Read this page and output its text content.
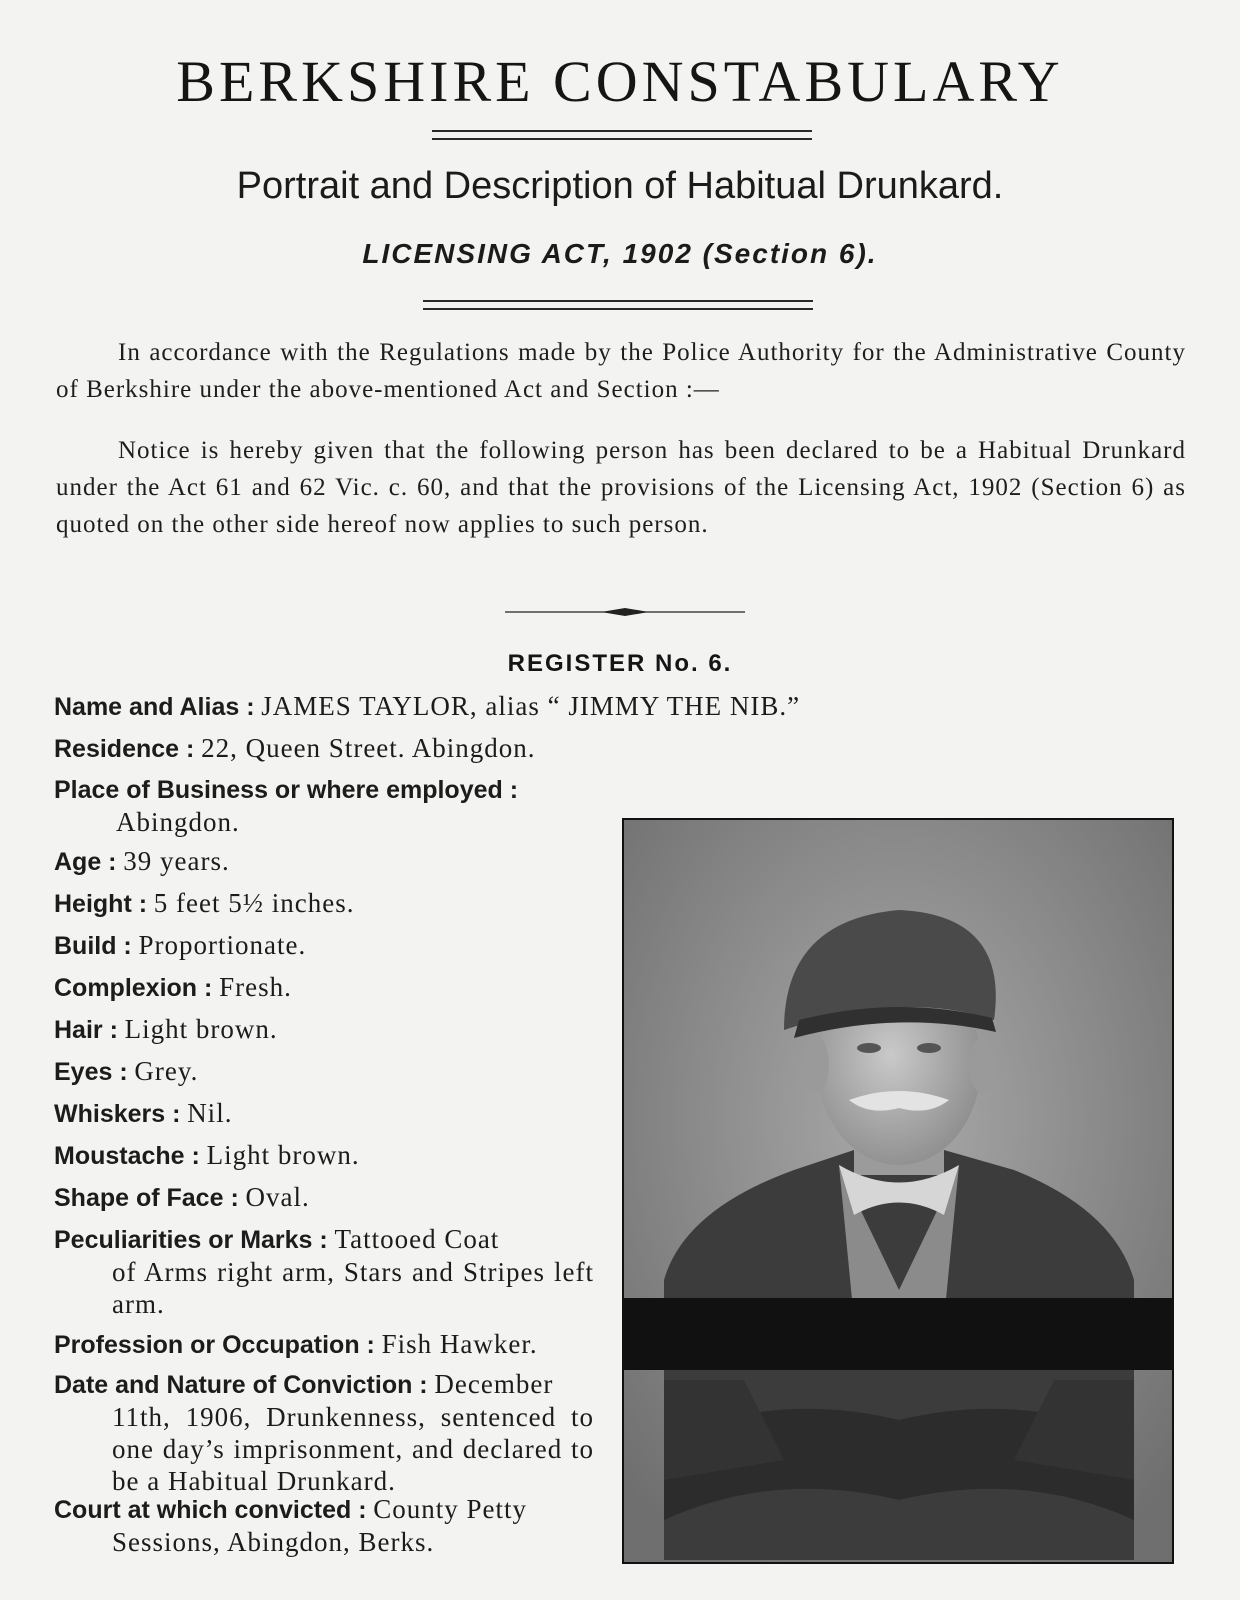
BERKSHIRE CONSTABULARY
Portrait and Description of Habitual Drunkard.
LICENSING ACT, 1902 (Section 6).
In accordance with the Regulations made by the Police Authority for the Administrative County of Berkshire under the above-mentioned Act and Section :—
Notice is hereby given that the following person has been declared to be a Habitual Drunkard under the Act 61 and 62 Vic. c. 60, and that the provisions of the Licensing Act, 1902 (Section 6) as quoted on the other side hereof now applies to such person.
REGISTER No. 6.
Name and Alias : JAMES TAYLOR, alias “ JIMMY THE NIB.”
Residence : 22, Queen Street. Abingdon.
Place of Business or where employed :
Abingdon.
Age : 39 years.
Height : 5 feet 5½ inches.
Build : Proportionate.
Complexion : Fresh.
Hair : Light brown.
Eyes : Grey.
Whiskers : Nil.
Moustache : Light brown.
Shape of Face : Oval.
Peculiarities or Marks : Tattooed Coat
of Arms right arm, Stars and Stripes left arm.
Profession or Occupation : Fish Hawker.
Date and Nature of Conviction : December
11th, 1906, Drunkenness, sentenced to one day’s imprisonment, and declared to be a Habitual Drunkard.
Court at which convicted : County Petty
Sessions, Abingdon, Berks.
